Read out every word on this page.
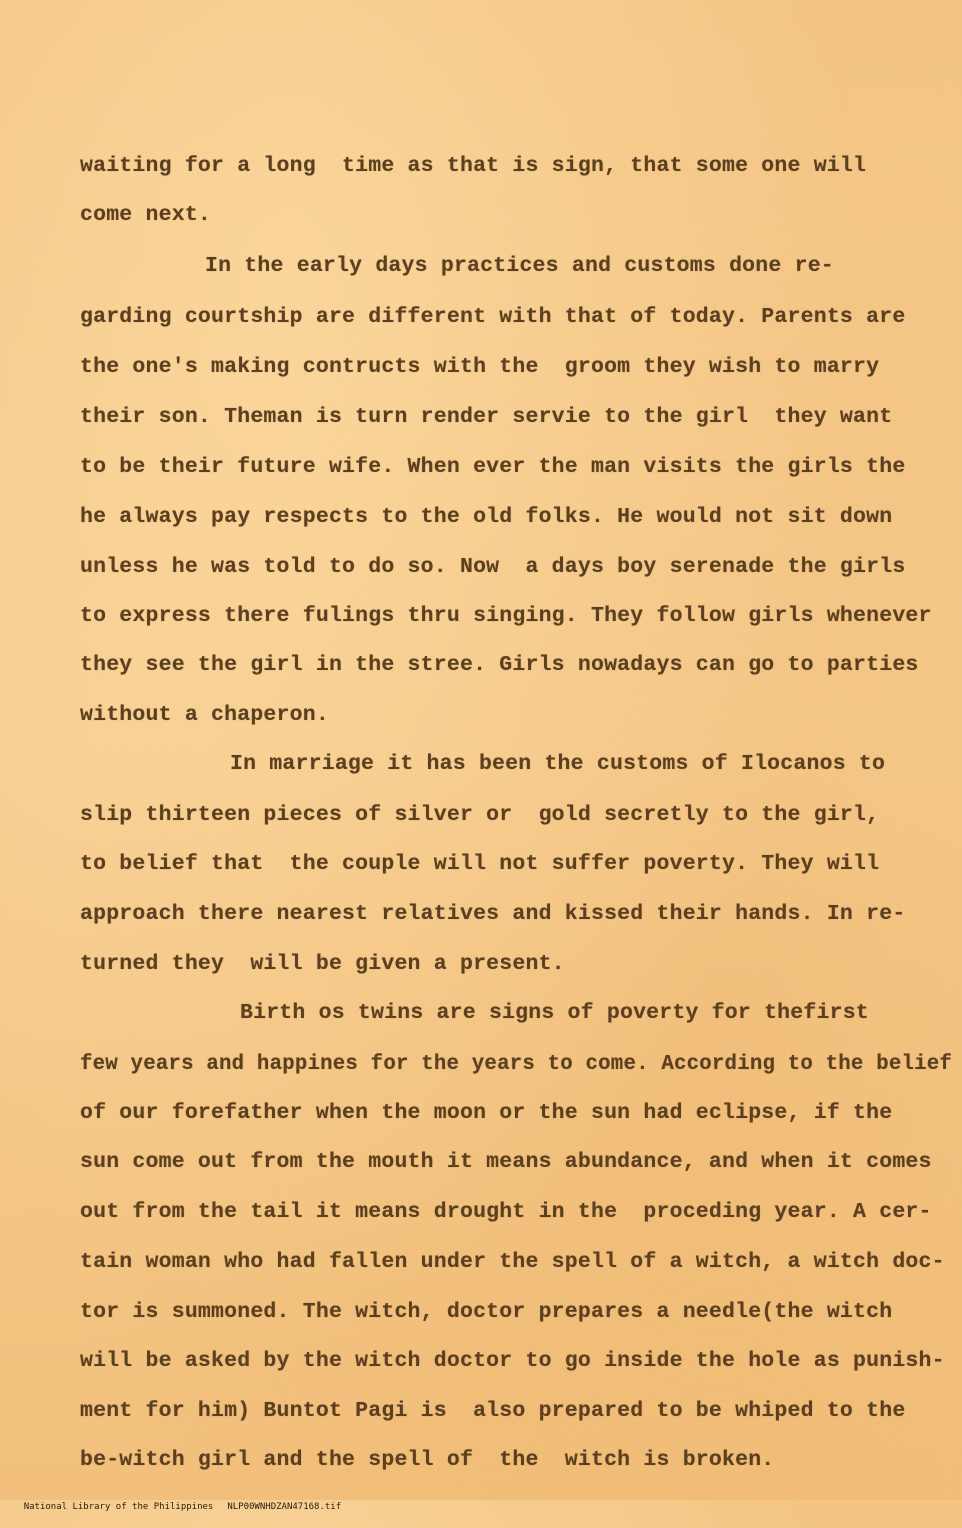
waiting for a long  time as that is sign, that some one will
come next.
In the early days practices and customs done re-
garding courtship are different with that of today. Parents are
the one's making contructs with the  groom they wish to marry
their son. Theman is turn render servie to the girl  they want
to be their future wife. When ever the man visits the girls the
he always pay respects to the old folks. He would not sit down
unless he was told to do so. Now  a days boy serenade the girls
to express there fulings thru singing. They follow girls whenever
they see the girl in the stree. Girls nowadays can go to parties
without a chaperon.
In marriage it has been the customs of Ilocanos to
slip thirteen pieces of silver or  gold secretly to the girl,
to belief that  the couple will not suffer poverty. They will
approach there nearest relatives and kissed their hands. In re-
turned they  will be given a present.
Birth os twins are signs of poverty for thefirst
few years and happines for the years to come. According to the belief
of our forefather when the moon or the sun had eclipse, if the
sun come out from the mouth it means abundance, and when it comes
out from the tail it means drought in the  proceding year. A cer-
tain woman who had fallen under the spell of a witch, a witch doc-
tor is summoned. The witch, doctor prepares a needle(the witch
will be asked by the witch doctor to go inside the hole as punish-
ment for him) Buntot Pagi is  also prepared to be whiped to the
be-witch girl and the spell of  the  witch is broken.

National Library of the Philippines NLP00WNHDZAN47168.tif
